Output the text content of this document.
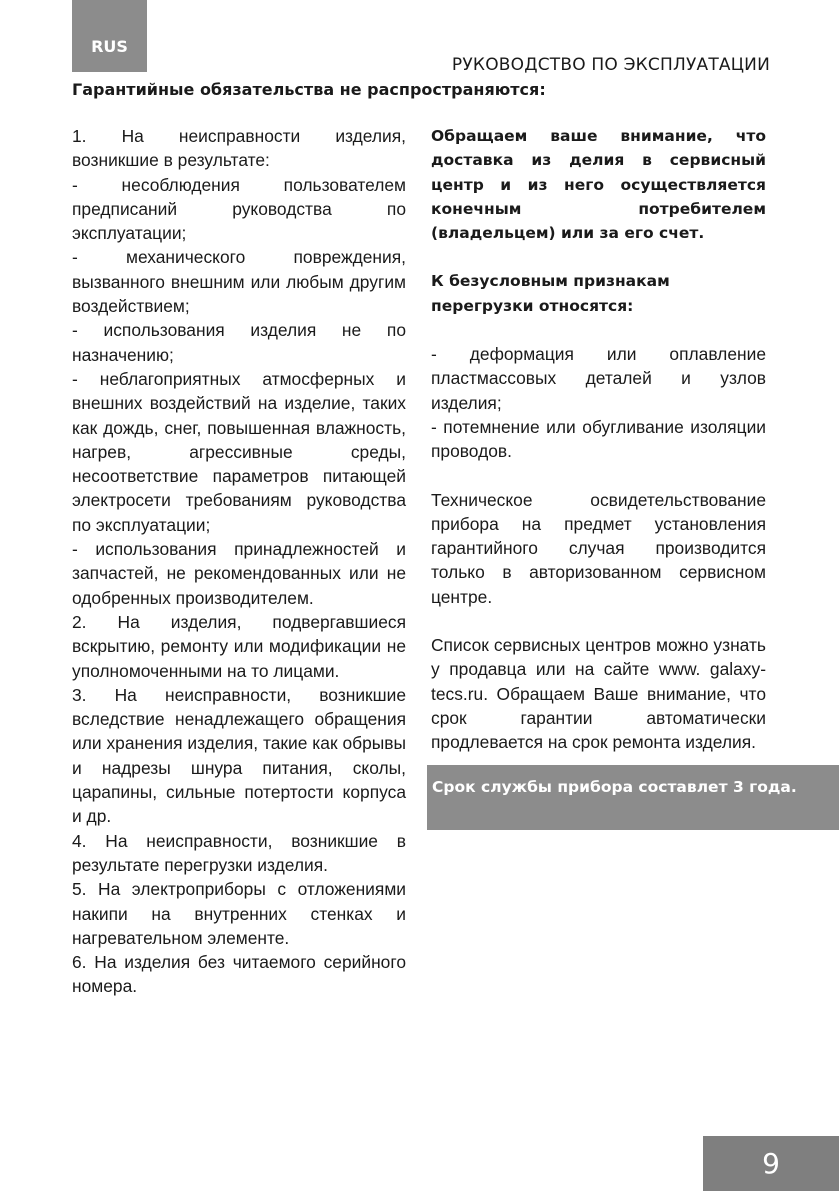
RUS
РУКОВОДСТВО ПО ЭКСПЛУАТАЦИИ
Гарантийные обязательства не распространяются:

1. На неисправности изделия, возникшие в результате:

- несоблюдения пользователем предписаний руководства по эксплуатации;

- механического повреждения, вызванного внешним или любым другим воздействием;

- использования изделия не по назначению;

- неблагоприятных атмосферных и внешних воздействий на изделие, таких как дождь, снег, повышенная влажность, нагрев, агрессивные среды, несоответствие параметров питающей электросети требованиям руководства по эксплуатации;

- использования принадлежностей и запчастей, не рекомендованных или не одобренных производителем.

2. На изделия, подвергавшиеся вскрытию, ремонту или модификации не уполномоченными на то лицами.

3. На неисправности, возникшие вследствие ненадлежащего обращения или хранения изделия, такие как обрывы и надрезы шнура питания, сколы, царапины, сильные потертости корпуса и др.

4. На неисправности, возникшие в результате перегрузки изделия.

5. На электроприборы с отложениями накипи на внутренних стенках и нагревательном элементе.

6. На изделия без читаемого серийного номера.

Обращаем ваше внимание, что доставка из делия в сервисный центр и из него осуществляется конечным потребителем (владельцем) или за его счет.

К безусловным признакам перегрузки относятся:

- деформация или оплавление пластмассовых деталей и узлов изделия;

- потемнение или обугливание изоляции проводов.

Техническое освидетельствование прибора на предмет установления гарантийного случая производится только в авторизованном сервисном центре.

Список сервисных центров можно узнать у продавца или на сайте www. galaxy-tecs.ru. Обращаем Ваше внимание, что срок гарантии автоматически продлевается на срок ремонта изделия.

Срок службы прибора составлет 3 года.
9
